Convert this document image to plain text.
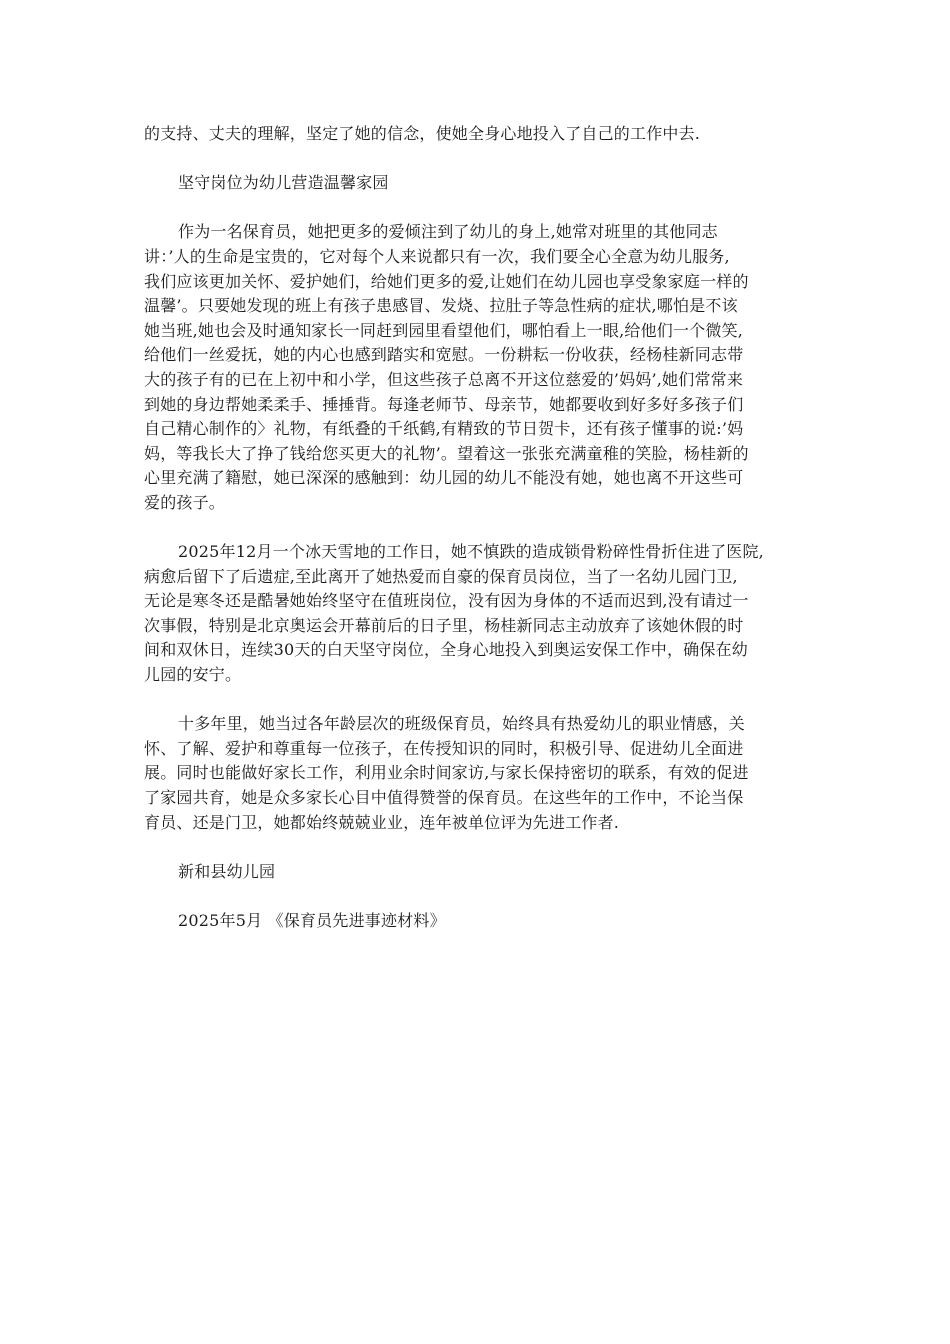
的支持、丈夫的理解，坚定了她的信念，使她全身心地投入了自己的工作中去.

坚守岗位为幼儿营造温馨家园

作为一名保育员，她把更多的爱倾注到了幼儿的身上,她常对班里的其他同志
讲：’人的生命是宝贵的，它对每个人来说都只有一次，我们要全心全意为幼儿服务,
我们应该更加关怀、爱护她们，给她们更多的爱,让她们在幼儿园也享受象家庭一样的
温馨’。只要她发现的班上有孩子患感冒、发烧、拉肚子等急性病的症状,哪怕是不该
她当班,她也会及时通知家长一同赶到园里看望他们，哪怕看上一眼,给他们一个微笑,
给他们一丝爱抚，她的内心也感到踏实和宽慰。一份耕耘一份收获，经杨桂新同志带
大的孩子有的已在上初中和小学，但这些孩子总离不开这位慈爱的’妈妈’,她们常常来
到她的身边帮她柔柔手、捶捶背。每逢老师节、母亲节，她都要收到好多好多孩子们
自己精心制作的〉礼物，有纸叠的千纸鹤,有精致的节日贺卡，还有孩子懂事的说:’妈
妈，等我长大了挣了钱给您买更大的礼物’。望着这一张张充满童稚的笑脸，杨桂新的
心里充满了籍慰，她已深深的感触到：幼儿园的幼儿不能没有她，她也离不开这些可
爱的孩子。

2025年12月一个冰天雪地的工作日，她不慎跌的造成锁骨粉碎性骨折住进了医院,
病愈后留下了后遗症,至此离开了她热爱而自豪的保育员岗位，当了一名幼儿园门卫,
无论是寒冬还是酷暑她始终坚守在值班岗位，没有因为身体的不适而迟到,没有请过一
次事假，特别是北京奥运会开幕前后的日子里，杨桂新同志主动放弃了该她休假的时
间和双休日，连续30天的白天坚守岗位，全身心地投入到奥运安保工作中，确保在幼
儿园的安宁。

十多年里，她当过各年龄层次的班级保育员，始终具有热爱幼儿的职业情感，关
怀、了解、爱护和尊重每一位孩子，在传授知识的同时，积极引导、促进幼儿全面进
展。同时也能做好家长工作，利用业余时间家访,与家长保持密切的联系，有效的促进
了家园共育，她是众多家长心目中值得赞誉的保育员。在这些年的工作中，不论当保
育员、还是门卫，她都始终兢兢业业，连年被单位评为先进工作者.

新和县幼儿园

2025年5月 《保育员先进事迹材料》
